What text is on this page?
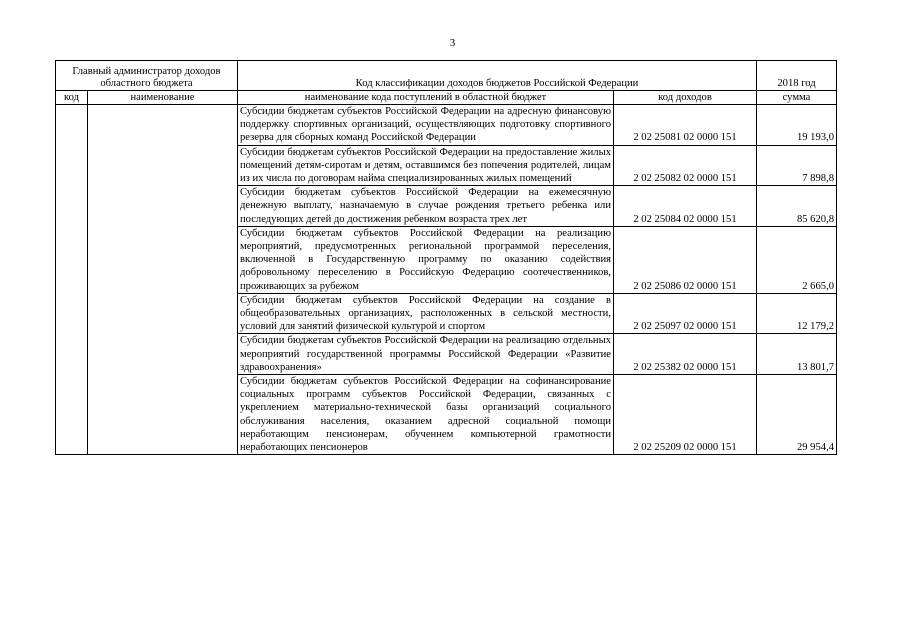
3
Главный администратор доходов областного бюджета		Код классификации доходов бюджетов Российской Федерации		2018 год
код	наименование	наименование кода поступлений в областной бюджет	код доходов	сумма
		Субсидии бюджетам субъектов Российской Федерации на адресную финансовую поддержку спортивных организаций, осуществляющих подготовку спортивного резерва для сборных команд Российской Федерации	2 02 25081 02 0000 151	19 193,0
		Субсидии бюджетам субъектов Российской Федерации на предоставление жилых помещений детям-сиротам и детям, оставшимся без попечения родителей, лицам из их числа по договорам найма специализированных жилых помещений	2 02 25082 02 0000 151	7 898,8
		Субсидии бюджетам субъектов Российской Федерации на ежемесячную денежную выплату, назначаемую в случае рождения третьего ребенка или последующих детей до достижения ребенком возраста трех лет	2 02 25084 02 0000 151	85 620,8
		Субсидии бюджетам субъектов Российской Федерации на реализацию мероприятий, предусмотренных региональной программой переселения, включенной в Государственную программу по оказанию содействия добровольному переселению в Российскую Федерацию соотечественников, проживающих за рубежом	2 02 25086 02 0000 151	2 665,0
		Субсидии бюджетам субъектов Российской Федерации на создание в общеобразовательных организациях, расположенных в сельской местности, условий для занятий физической культурой и спортом	2 02 25097 02 0000 151	12 179,2
		Субсидии бюджетам субъектов Российской Федерации на реализацию отдельных мероприятий государственной программы Российской Федерации «Развитие здравоохранения»	2 02 25382 02 0000 151	13 801,7
		Субсидии бюджетам субъектов Российской Федерации на софинансирование социальных программ субъектов Российской Федерации, связанных с укреплением материально-технической базы организаций социального обслуживания населения, оказанием адресной социальной помощи неработающим пенсионерам, обученнем компьютерной грамотности неработающих пенсионеров	2 02 25209 02 0000 151	29 954,4
